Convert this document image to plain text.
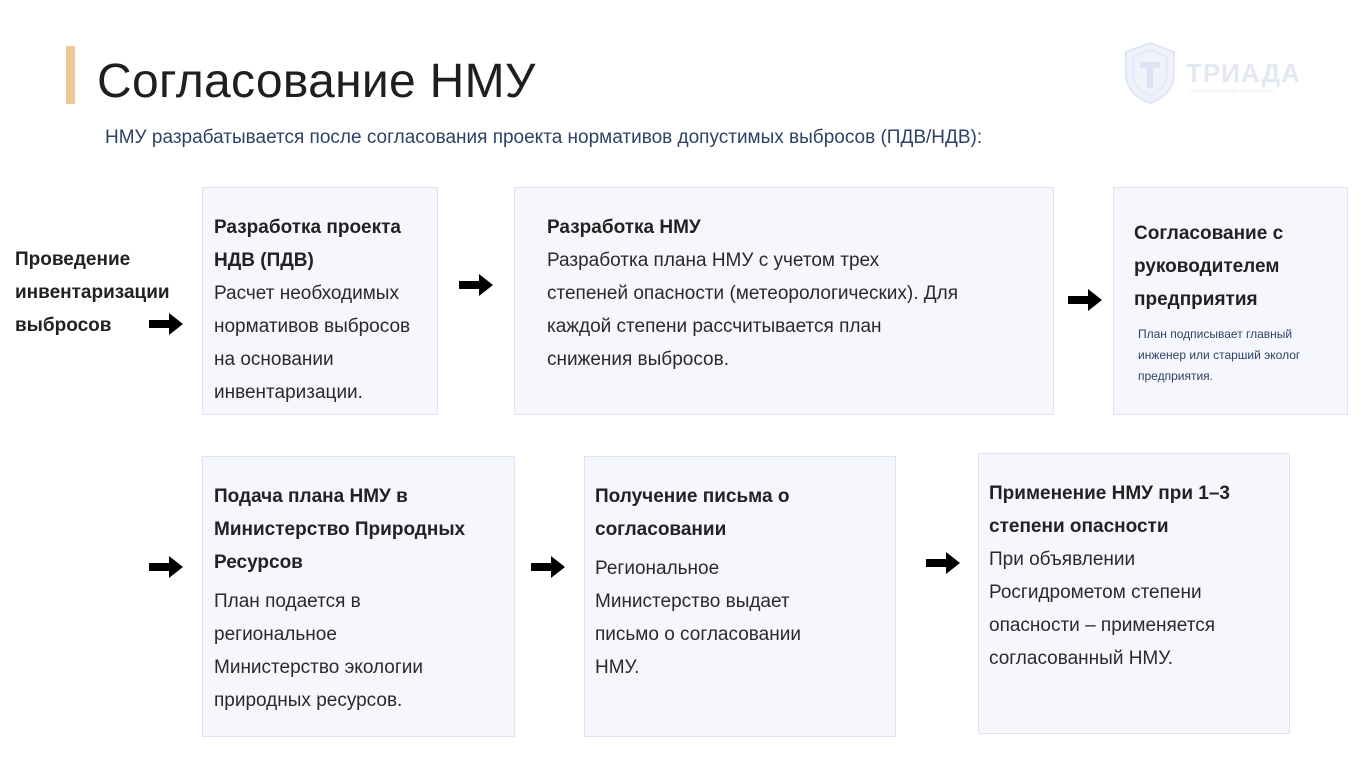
Согласование НМУ
НМУ разрабатывается после согласования проекта нормативов допустимых выбросов (ПДВ/НДВ):
ТРИАДА
экологический консалтинг
Проведение инвентаризации выбросов
Разработка проекта НДВ (ПДВ)
Расчет необходимых нормативов выбросов на основании инвентаризации.
Разработка НМУ
Разработка плана НМУ с учетом трех степеней опасности (метеорологических). Для каждой степени рассчитывается план снижения выбросов.
Согласование с руководителем предприятия
План подписывает главный инженер или старший эколог предприятия.
Подача плана НМУ в Министерство Природных Ресурсов
План подается в региональное Министерство экологии природных ресурсов.
Получение письма о согласовании
Региональное Министерство выдает письмо о согласовании НМУ.
Применение НМУ при 1–3 степени опасности
При объявлении Росгидрометом степени опасности – применяется согласованный НМУ.
